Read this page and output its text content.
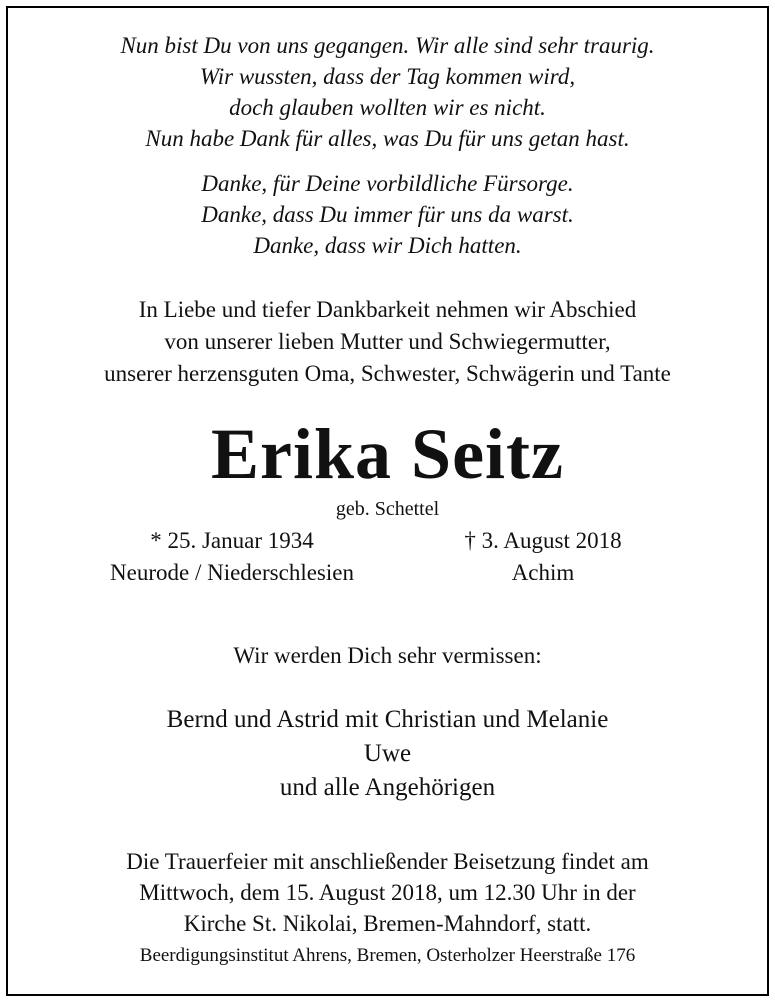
Nun bist Du von uns gegangen. Wir alle sind sehr traurig.
Wir wussten, dass der Tag kommen wird,
doch glauben wollten wir es nicht.
Nun habe Dank für alles, was Du für uns getan hast.
Danke, für Deine vorbildliche Fürsorge.
Danke, dass Du immer für uns da warst.
Danke, dass wir Dich hatten.
In Liebe und tiefer Dankbarkeit nehmen wir Abschied
von unserer lieben Mutter und Schwiegermutter,
unserer herzensguten Oma, Schwester, Schwägerin und Tante
Erika Seitz
geb. Schettel
* 25. Januar 1934
Neurode / Niederschlesien
† 3. August 2018
Achim
Wir werden Dich sehr vermissen:
Bernd und Astrid mit Christian und Melanie
Uwe
und alle Angehörigen
Die Trauerfeier mit anschließender Beisetzung findet am
Mittwoch, dem 15. August 2018, um 12.30 Uhr in der
Kirche St. Nikolai, Bremen-Mahndorf, statt.
Beerdigungsinstitut Ahrens, Bremen, Osterholzer Heerstraße 176
